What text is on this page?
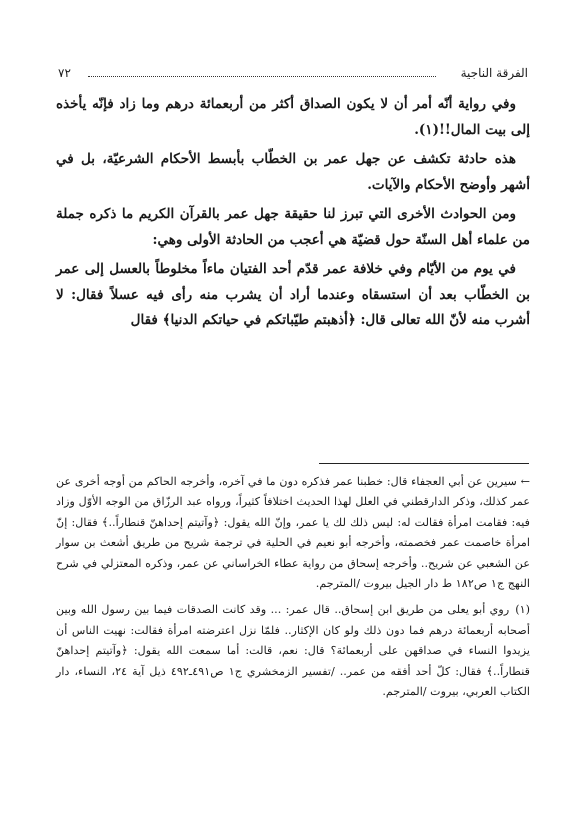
الفرقة الناجية
٧٢

وفي رواية أنّه أمر أن لا يكون الصداق أكثر من أربعمائة درهم وما زاد فإنّه يأخذه إلى بيت المال!!(١).

هذه حادثة تكشف عن جهل عمر بن الخطّاب بأبسط الأحكام الشرعيّة، بل في أشهر وأوضح الأحكام والآيات.

ومن الحوادث الأخرى التي تبرز لنا حقيقة جهل عمر بالقرآن الكريم ما ذكره جملة من علماء أهل السنّة حول قضيّة هي أعجب من الحادثة الأولى وهي:

في يوم من الأيّام وفي خلافة عمر قدّم أحد الفتيان ماءاً مخلوطاً بالعسل إلى عمر بن الخطّاب بعد أن استسقاه وعندما أراد أن يشرب منه رأى فيه عسلاً فقال: لا أشرب منه لأنّ الله تعالى قال: ﴿أذهبتم طيّباتكم في حياتكم الدنيا﴾ فقال

← سيرين عن أبي العجفاء قال: خطبنا عمر فذكره دون ما في آخره، وأخرجه الحاكم من أوجه أخرى عن عمر كذلك، وذكر الدارقطني في العلل لهذا الحديث اختلافاً كثيراً، ورواه عبد الرزّاق من الوجه الأوّل وزاد فيه: فقامت امرأة فقالت له: ليس ذلك لك يا عمر، وإنّ الله يقول: ﴿وآتيتم إحداهنّ قنطاراً..﴾ فقال: إنّ امرأة خاصمت عمر فخصمته، وأخرجه أبو نعيم في الحلية في ترجمة شريح من طريق أشعث بن سوار عن الشعبي عن شريح.. وأخرجه إسحاق من رواية عطاء الخراساني عن عمر، وذكره المعتزلي في شرح النهج ج١ ص١٨٢ ط دار الجيل بيروت /المترجم.

(١)روي أبو يعلى من طريق ابن إسحاق.. قال عمر: ... وقد كانت الصدقات فيما بين رسول الله وبين أصحابه أربعمائة درهم فما دون ذلك ولو كان الإكثار.. فلمّا نزل اعترضته امرأة فقالت: نهيت الناس أن يزيدوا النساء في صداقهن على أربعمائة؟ قال: نعم، قالت: أما سمعت الله يقول: ﴿وآتيتم إحداهنّ قنطاراً..﴾ فقال: كلّ أحد أفقه من عمر.. /تفسير الزمخشري ج١ ص٤٩١ـ٤٩٢ ذيل آية ٢٤، النساء، دار الكتاب العربي، بيروت /المترجم.
